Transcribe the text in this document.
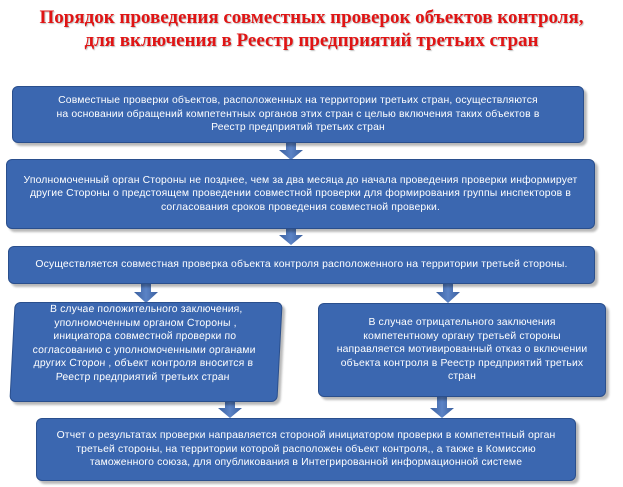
Порядок проведения совместных проверок объектов контроля,
для включения в Реестр предприятий третьих стран
Совместные проверки объектов, расположенных на территории третьих стран, осуществляются на основании обращений компетентных органов этих стран с целью включения таких объектов в Реестр предприятий третьих стран
Уполномоченный орган Стороны не позднее, чем за два месяца до начала проведения проверки информирует другие Стороны о предстоящем проведении совместной проверки для формирования группы инспекторов в согласования сроков проведения совместной проверки.
Осуществляется совместная проверка объекта контроля расположенного на территории третьей стороны.
В случае положительного заключения, уполномоченным органом Стороны , инициатора совместной проверки по согласованию с уполномоченными органами других Сторон , объект контроля вносится в Реестр предприятий третьих стран
В случае отрицательного заключения компетентному органу третьей стороны направляется мотивированный отказ о включении объекта контроля в Реестр предприятий третьих стран
Отчет о результатах проверки направляется стороной инициатором проверки в компетентный орган третьей стороны, на территории которой расположен объект контроля,, а также в Комиссию таможенного союза, для опубликования в Интегрированной информационной системе
